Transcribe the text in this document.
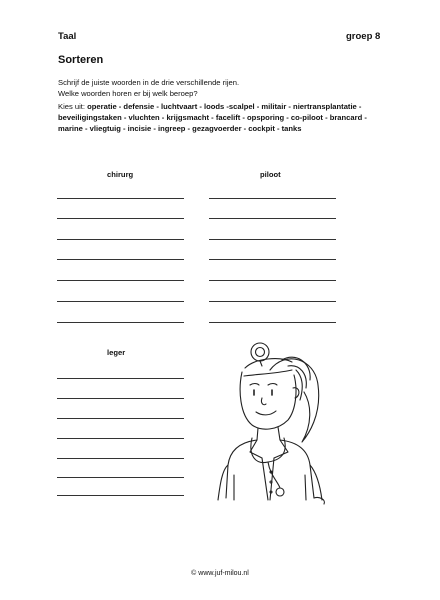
Taal	groep 8
Sorteren
Schrijf de juiste woorden in de drie verschillende rijen.
Welke woorden horen er bij welk beroep?
Kies uit: operatie - defensie - luchtvaart - loods -scalpel - militair - niertransplantatie - beveiligingstaken - vluchten - krijgsmacht - facelift - opsporing - co-piloot - brancard - marine - vliegtuig - incisie - ingreep - gezagvoerder - cockpit - tanks
chirurg	piloot
leger
© www.juf-milou.nl
